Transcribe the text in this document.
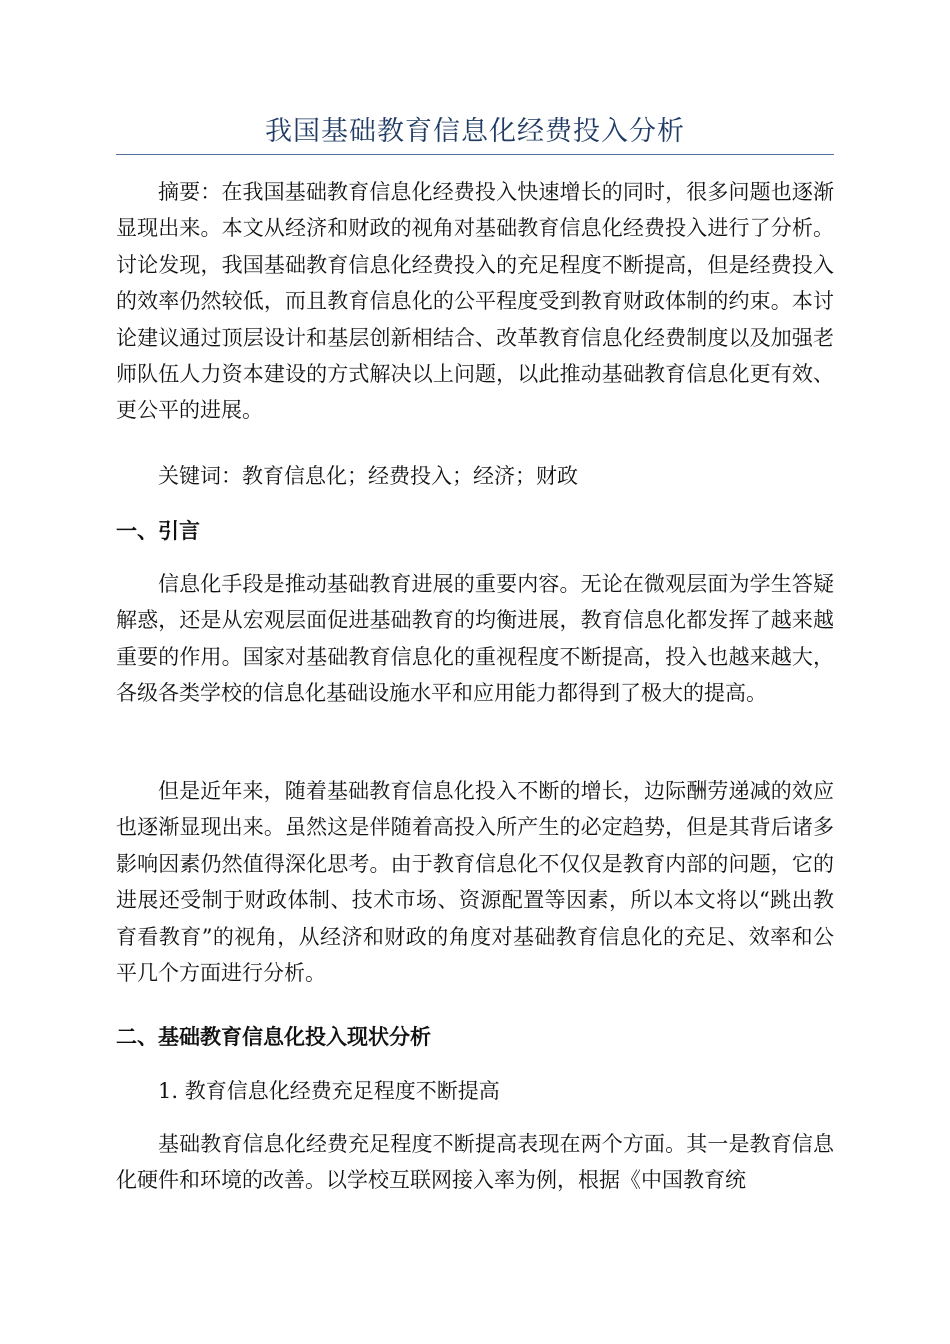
我国基础教育信息化经费投入分析

摘要：在我国基础教育信息化经费投入快速增长的同时，很多问题也逐渐显现出来。本文从经济和财政的视角对基础教育信息化经费投入进行了分析。讨论发现，我国基础教育信息化经费投入的充足程度不断提高，但是经费投入的效率仍然较低，而且教育信息化的公平程度受到教育财政体制的约束。本讨论建议通过顶层设计和基层创新相结合、改革教育信息化经费制度以及加强老师队伍人力资本建设的方式解决以上问题，以此推动基础教育信息化更有效、更公平的进展。

关键词：教育信息化；经费投入；经济；财政

一、引言

信息化手段是推动基础教育进展的重要内容。无论在微观层面为学生答疑解惑，还是从宏观层面促进基础教育的均衡进展，教育信息化都发挥了越来越重要的作用。国家对基础教育信息化的重视程度不断提高，投入也越来越大，各级各类学校的信息化基础设施水平和应用能力都得到了极大的提高。

但是近年来，随着基础教育信息化投入不断的增长，边际酬劳递减的效应也逐渐显现出来。虽然这是伴随着高投入所产生的必定趋势，但是其背后诸多影响因素仍然值得深化思考。由于教育信息化不仅仅是教育内部的问题，它的进展还受制于财政体制、技术市场、资源配置等因素，所以本文将以“跳出教育看教育”的视角，从经济和财政的角度对基础教育信息化的充足、效率和公平几个方面进行分析。

二、基础教育信息化投入现状分析

1. 教育信息化经费充足程度不断提高

基础教育信息化经费充足程度不断提高表现在两个方面。其一是教育信息化硬件和环境的改善。以学校互联网接入率为例，根据《中国教育统
